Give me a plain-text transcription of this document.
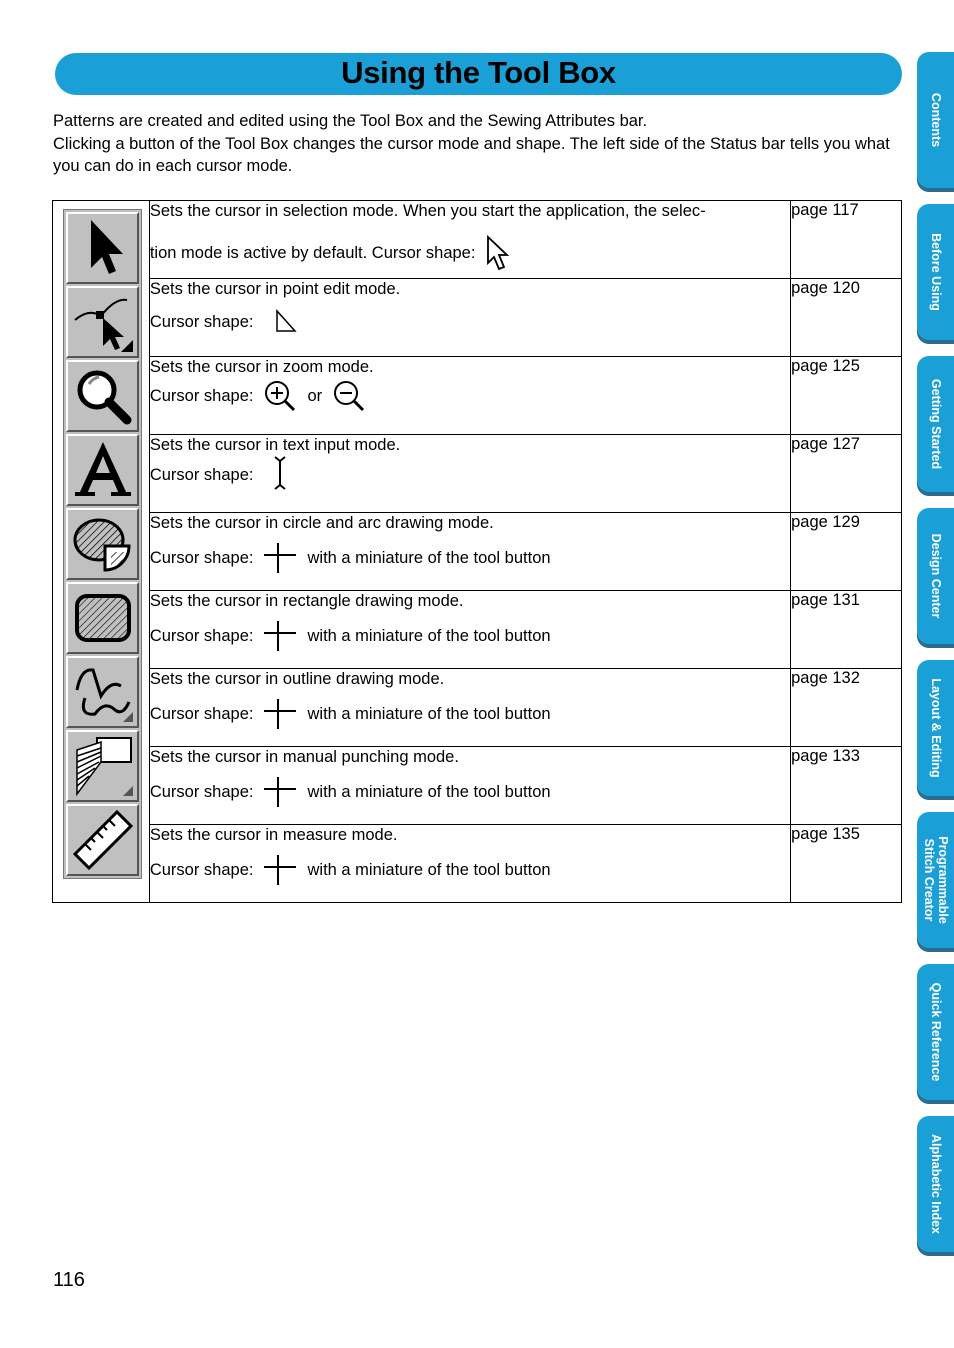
Using the Tool Box

Patterns are created and edited using the Tool Box and the Sewing Attributes bar.

Clicking a button of the Tool Box changes the cursor mode and shape. The left side of the Status bar tells you what you can do in each cursor mode.

Sets the cursor in selection mode. When you start the application, the selec-
tion mode is active by default. Cursor shape:	page 117

	Sets the cursor in point edit mode.
Cursor shape:	page 120

	Sets the cursor in zoom mode.
Cursor shape: or	page 125

	Sets the cursor in text input mode.
Cursor shape:	page 127

	Sets the cursor in circle and arc drawing mode.
Cursor shape: with a miniature of the tool button	page 129

	Sets the cursor in rectangle drawing mode.
Cursor shape: with a miniature of the tool button	page 131

	Sets the cursor in outline drawing mode.
Cursor shape: with a miniature of the tool button	page 132

	Sets the cursor in manual punching mode.
Cursor shape: with a miniature of the tool button	page 133

	Sets the cursor in measure mode.
Cursor shape: with a miniature of the tool button	page 135
Contents
Before Using
Getting Started
Design Center
Layout & Editing
Programmable
Stitch Creator
Quick Reference
Alphabetic Index
116
